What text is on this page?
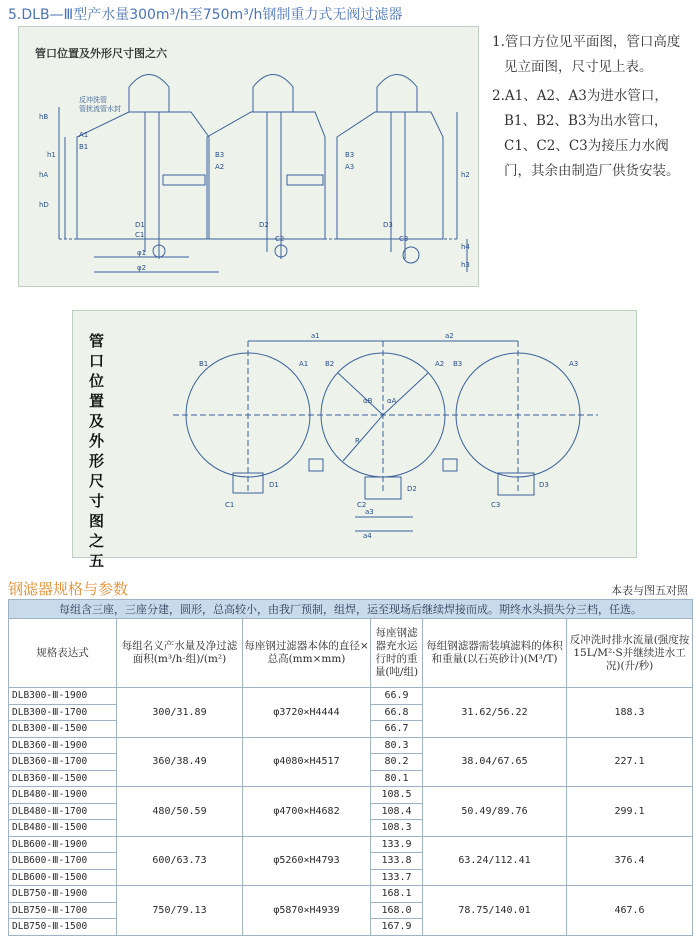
5.DLB—Ⅲ型产水量300m³/h至750m³/h钢制重力式无阀过滤器
管口位置及外形尺寸图之六
hB
hA
hD
h4
h2
h3
h1
φ1
φ2
反冲洗管
管扰流管水封
A1
B1
D1
C1
B3
A2
D2
C2
B3
A3
D3
C3

1.管口方位见平面图，管口高度见立面图，尺寸见上表。

2.A1、A2、A3为进水管口，B1、B2、B3为出水管口，C1、C2、C3为接压力水阀门，其余由制造厂供货安装。

管口位置及外形尺寸图之五
B1	B2	B3
A1	A2	A3
a1	a2
a3
a4
αB αA
R
C1	C2	C3
D1	D2	D3
钢滤器规格与参数	本表与图五对照
每组含三座，三座分建，圆形，总高较小，由我厂预制，组焊，运至现场后继续焊接而成。期终水头损失分三档，任选。					
规格表达式	每组名义产水量及净过滤面积(m³/h·组)/(m²)	每座钢过滤器本体的直径×总高(mm×mm)	每座钢滤器充水运行时的重量(吨/组)	每组钢滤器需装填滤料的体积和重量(以石英砂计)(M³/T)	反冲洗时排水流量(强度按15L/M²·S并继续进水工况)(升/秒)
DLB300-Ⅲ-1900	300/31.89	φ3720×H4444	66.9	31.62/56.22	188.3
DLB300-Ⅲ-1700			66.8		
DLB300-Ⅲ-1500			66.7		
DLB360-Ⅲ-1900	360/38.49	φ4080×H4517	80.3	38.04/67.65	227.1
DLB360-Ⅲ-1700			80.2		
DLB360-Ⅲ-1500			80.1		
DLB480-Ⅲ-1900	480/50.59	φ4700×H4682	108.5	50.49/89.76	299.1
DLB480-Ⅲ-1700			108.4		
DLB480-Ⅲ-1500			108.3		
DLB600-Ⅲ-1900	600/63.73	φ5260×H4793	133.9	63.24/112.41	376.4
DLB600-Ⅲ-1700			133.8		
DLB600-Ⅲ-1500			133.7		
DLB750-Ⅲ-1900	750/79.13	φ5870×H4939	168.1	78.75/140.01	467.6
DLB750-Ⅲ-1700			168.0		
DLB750-Ⅲ-1500			167.9		
